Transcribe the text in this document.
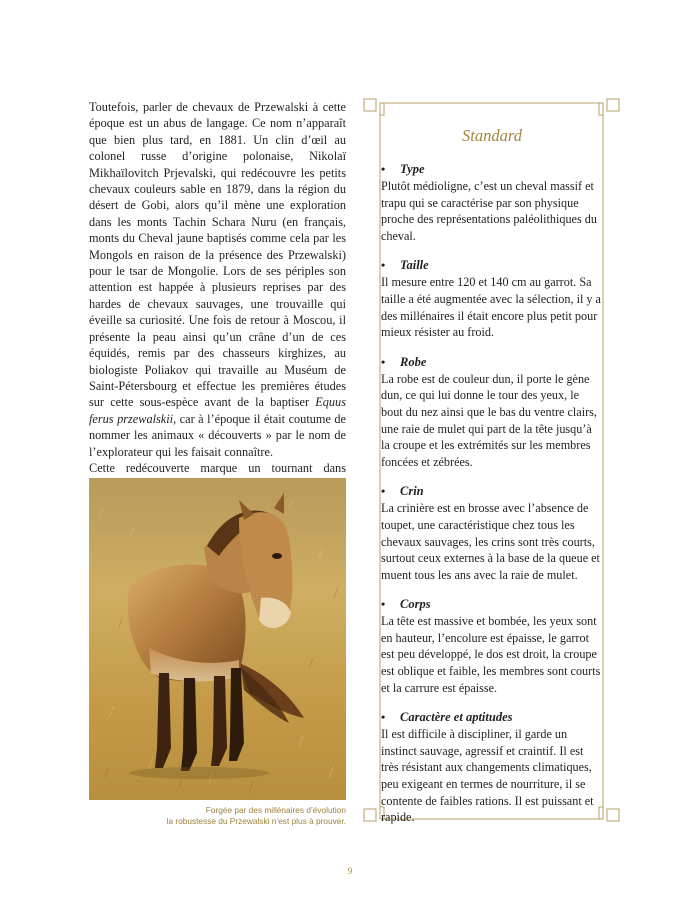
Toutefois, parler de chevaux de Przewalski à cette époque est un abus de langage. Ce nom n’apparaît que bien plus tard, en 1881. Un clin d’œil au colonel russe d’origine polonaise, Nikolaï Mikhaïlovitch Prjevalski, qui redécouvre les petits chevaux couleurs sable en 1879, dans la région du désert de Gobi, alors qu’il mène une exploration dans les monts Tachin Schara Nuru (en français, monts du Cheval jaune baptisés comme cela par les Mongols en raison de la présence des Przewalski) pour le tsar de Mongolie. Lors de ses périples son attention est happée à plusieurs reprises par des hardes de chevaux sauvages, une trouvaille qui éveille sa curiosité. Une fois de retour à Moscou, il présente la peau ainsi qu’un crâne d’un de ces équidés, remis par des chasseurs kirghizes, au biologiste Poliakov qui travaille au Muséum de Saint-Pétersbourg et effectue les premières études sur cette sous-espèce avant de la baptiser Equus ferus przewalskii, car à l’époque il était coutume de nommer les animaux « découverts » par le nom de l’explorateur qui les faisait connaître.

Cette redécouverte marque un tournant dans

Forgée par des millénaires d’évolution
la robustesse du Przewalski n’est plus à prouver.
Standard
•	Type

Plutôt médioligne, c’est un cheval massif et trapu qui se caractérise par son physique proche des représentations paléolithiques du cheval.

•	Taille

Il mesure entre 120 et 140 cm au garrot. Sa taille a été augmentée avec la sélection, il y a des millénaires il était encore plus petit pour mieux résister au froid.

•	Robe

La robe est de couleur dun, il porte le gène dun, ce qui lui donne le tour des yeux, le bout du nez ainsi que le bas du ventre clairs, une raie de mulet qui part de la tête jusqu’à la croupe et les extrémités sur les membres foncées et zébrées.

•	Crin

La crinière est en brosse avec l’absence de toupet, une caractéristique chez tous les chevaux sauvages, les crins sont très courts, surtout ceux externes à la base de la queue et muent tous les ans avec la raie de mulet.

•	Corps

La tête est massive et bombée, les yeux sont en hauteur, l’encolure est épaisse, le garrot est peu développé, le dos est droit, la croupe est oblique et faible, les membres sont courts et la carrure est épaisse.

•	Caractère et aptitudes

Il est difficile à discipliner, il garde un instinct sauvage, agressif et craintif. Il est très résistant aux changements climatiques, peu exigeant en termes de nourriture, il se contente de faibles rations. Il est puissant et rapide.

9
